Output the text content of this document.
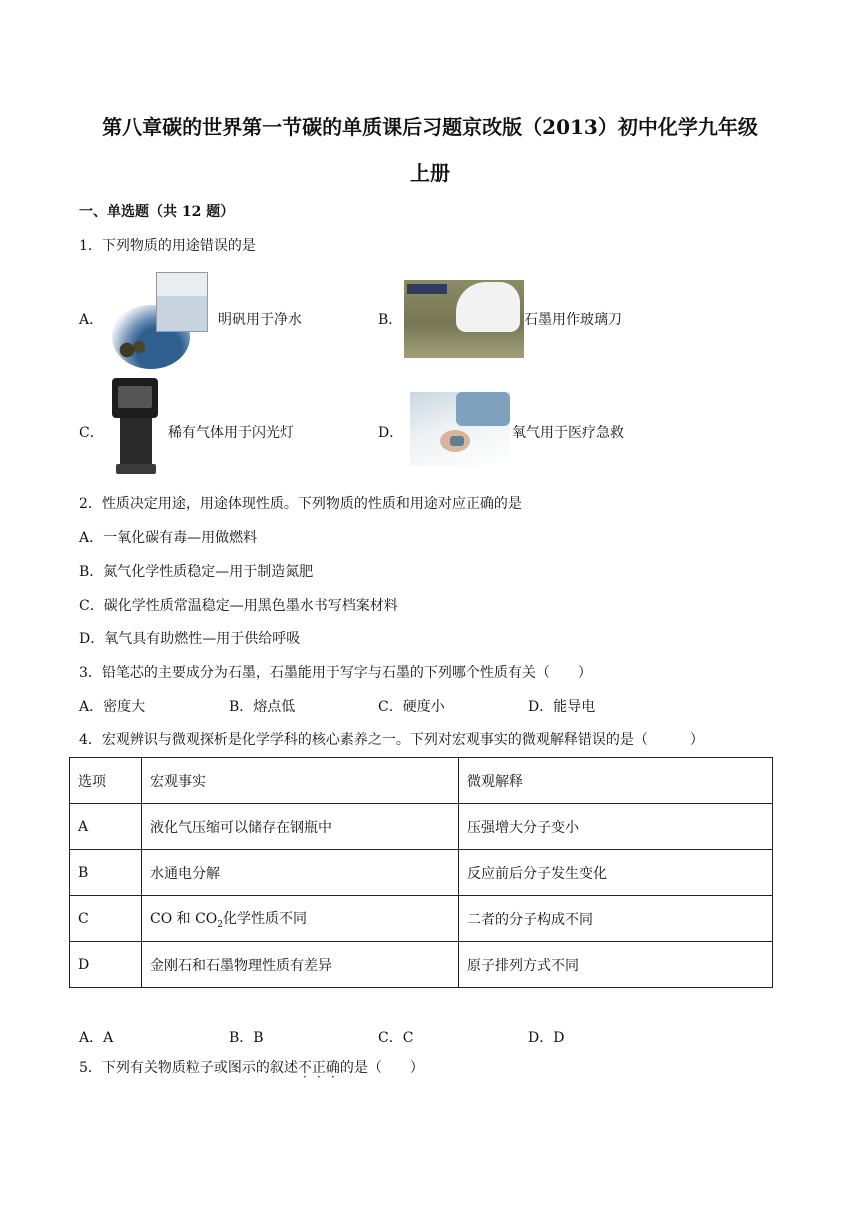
第八章碳的世界第一节碳的单质课后习题京改版（2013）初中化学九年级
上册
一、单选题（共 12 题）
1．下列物质的用途错误的是
A．	明矾用于净水	B．	石墨用作玻璃刀
C．	稀有气体用于闪光灯	D．	氧气用于医疗急救
2．性质决定用途，用途体现性质。下列物质的性质和用途对应正确的是
A．一氧化碳有毒—用做燃料
B．氮气化学性质稳定—用于制造氮肥
C．碳化学性质常温稳定—用黑色墨水书写档案材料
D．氧气具有助燃性—用于供给呼吸
3．铅笔芯的主要成分为石墨，石墨能用于写字与石墨的下列哪个性质有关（　　）
A．密度大	B．熔点低	C．硬度小	D．能导电
4．宏观辨识与微观探析是化学学科的核心素养之一。下列对宏观事实的微观解释错误的是（　　　）
选项	宏观事实	微观解释
A	液化气压缩可以储存在钢瓶中	压强增大分子变小
B	水通电分解	反应前后分子发生变化
C	CO 和 $CO_2$化学性质不同	二者的分子构成不同
D	金刚石和石墨物理性质有差异	原子排列方式不同
A．A	B．B	C．C	D．D
5．下列有关物质粒子或图示的叙述不正确的是（　　）
